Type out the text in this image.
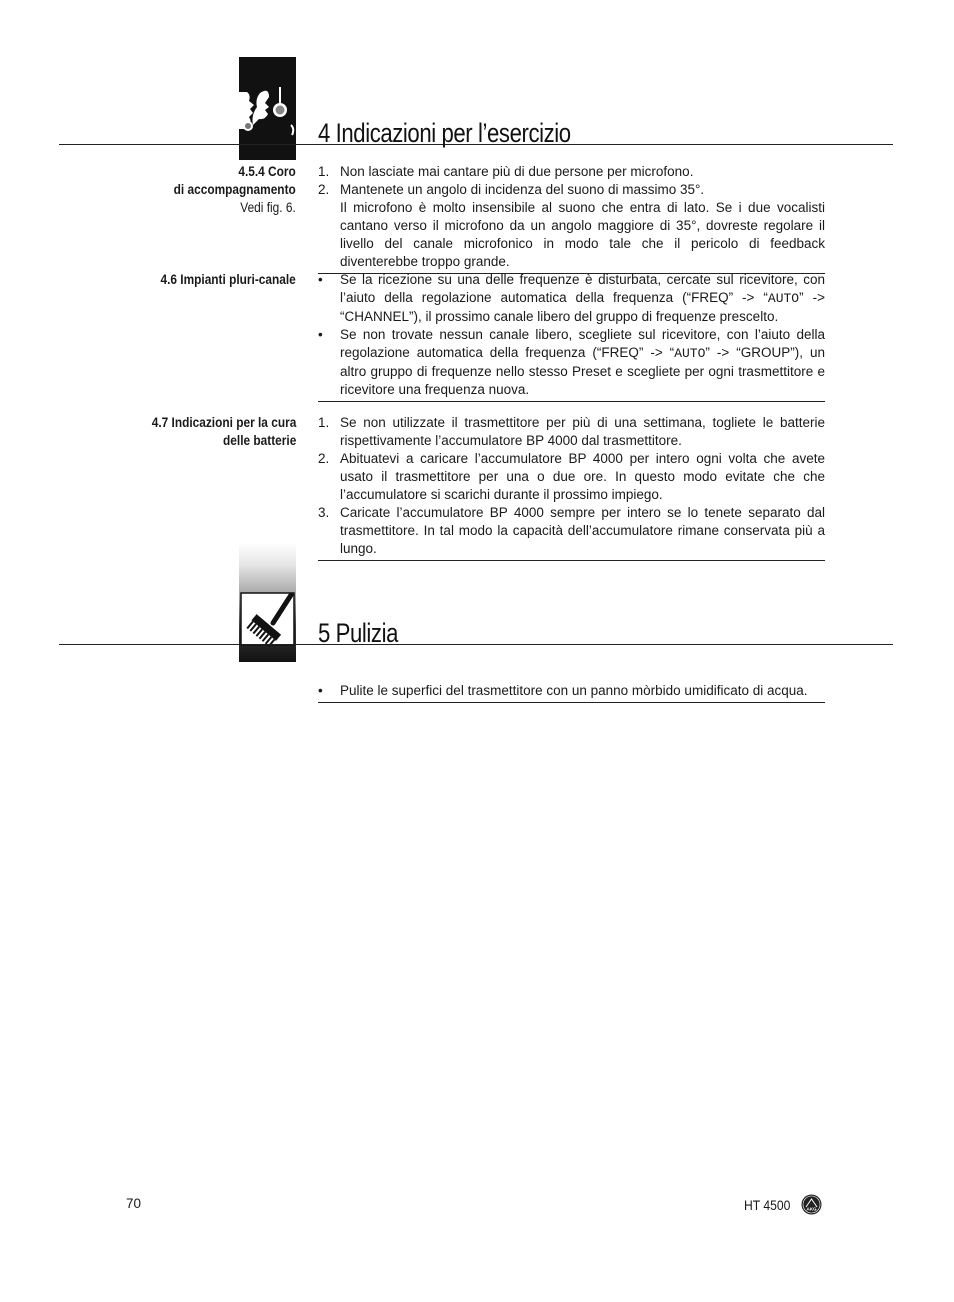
4 Indicazioni per l’esercizio
4.5.4 Coro
di accompagnamento
Vedi fig. 6.
1. Non lasciate mai cantare più di due persone per microfono.
2. Mantenete un angolo di incidenza del suono di massimo 35°.
Il microfono è molto insensibile al suono che entra di lato. Se i due vocalisti cantano verso il microfono da un angolo maggiore di 35°, dovreste regolare il livello del canale microfonico in modo tale che il pericolo di feedback diventerebbe troppo grande.
4.6 Impianti pluri-canale •	Se la ricezione su una delle frequenze è disturbata, cercate sul ricevitore, con l’aiuto della regolazione automatica della frequenza (“FREQ” -> “AUTO” -> “CHANNEL”), il prossimo canale libero del gruppo di frequenze prescelto.
•	Se non trovate nessun canale libero, scegliete sul ricevitore, con l’aiuto della regolazione automatica della frequenza (“FREQ” -> “AUTO” -> “GROUP”), un altro gruppo di frequenze nello stesso Preset e scegliete per ogni trasmettitore e ricevitore una frequenza nuova.
4.7 Indicazioni per la cura
delle batterie
1. Se non utilizzate il trasmettitore per più di una settimana, togliete le batterie rispettivamente l’accumulatore BP 4000 dal trasmettitore.
2. Abituatevi a caricare l’accumulatore BP 4000 per intero ogni volta che avete usato il trasmettitore per una o due ore. In questo modo evitate che che l’accumulatore si scarichi durante il prossimo impiego.
3. Caricate l’accumulatore BP 4000 sempre per intero se lo tenete separato dal trasmettitore. In tal modo la capacità dell’accumulatore rimane conservata più a lungo.
5 Pulizia
•	Pulite le superfici del trasmettitore con un panno mòrbido umidificato di acqua.
70	HT 4500	AKG
